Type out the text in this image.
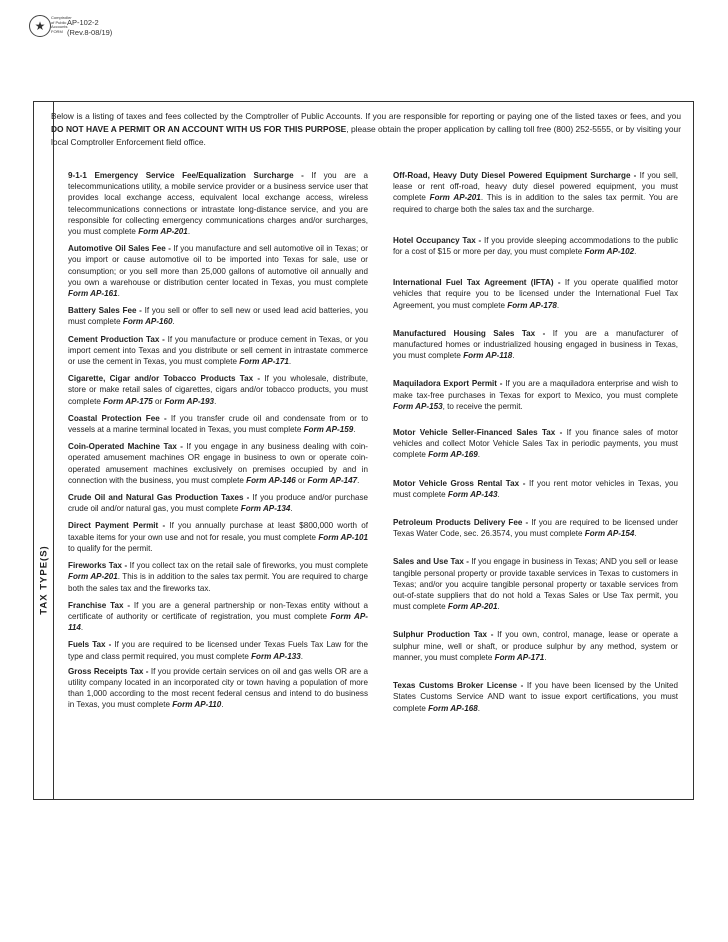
★
Comptroller
of Public
Accounts
FORM
AP-102-2
(Rev.8-08/19)
TAX TYPE(S)
Below is a listing of taxes and fees collected by the Comptroller of Public Accounts. If you are responsible for reporting or paying one of the listed taxes or fees, and you DO NOT HAVE A PERMIT OR AN ACCOUNT WITH US FOR THIS PURPOSE, please obtain the proper application by calling toll free (800) 252-5555, or by visiting your local Comptroller Enforcement field office.

9-1-1 Emergency Service Fee/Equalization Surcharge - If you are a telecommunications utility, a mobile service provider or a business service user that provides local exchange access, equivalent local exchange access, wireless telecommunications connections or intrastate long-distance service, and you are responsible for collecting emergency communications charges and/or surcharges, you must complete Form AP-201.

Automotive Oil Sales Fee - If you manufacture and sell automotive oil in Texas; or you import or cause automotive oil to be imported into Texas for sale, use or consumption; or you sell more than 25,000 gallons of automotive oil annually and you own a warehouse or distribution center located in Texas, you must complete Form AP-161.

Battery Sales Fee - If you sell or offer to sell new or used lead acid batteries, you must complete Form AP-160.

Cement Production Tax - If you manufacture or produce cement in Texas, or you import cement into Texas and you distribute or sell cement in intrastate commerce or use the cement in Texas, you must complete Form AP-171.

Cigarette, Cigar and/or Tobacco Products Tax - If you wholesale, distribute, store or make retail sales of cigarettes, cigars and/or tobacco products, you must complete Form AP-175 or Form AP-193.

Coastal Protection Fee - If you transfer crude oil and condensate from or to vessels at a marine terminal located in Texas, you must complete Form AP-159.

Coin-Operated Machine Tax - If you engage in any business dealing with coin-operated amusement machines OR engage in business to own or operate coin-operated amusement machines exclusively on premises occupied by and in connection with the business, you must complete Form AP-146 or Form AP-147.

Crude Oil and Natural Gas Production Taxes - If you produce and/or purchase crude oil and/or natural gas, you must complete Form AP-134.

Direct Payment Permit - If you annually purchase at least $800,000 worth of taxable items for your own use and not for resale, you must complete Form AP-101 to qualify for the permit.

Fireworks Tax - If you collect tax on the retail sale of fireworks, you must complete Form AP-201. This is in addition to the sales tax permit. You are required to charge both the sales tax and the fireworks tax.

Franchise Tax - If you are a general partnership or non-Texas entity without a certificate of authority or certificate of registration, you must complete Form AP-114.

Fuels Tax - If you are required to be licensed under Texas Fuels Tax Law for the type and class permit required, you must complete Form AP-133.

Gross Receipts Tax - If you provide certain services on oil and gas wells OR are a utility company located in an incorporated city or town having a population of more than 1,000 according to the most recent federal census and intend to do business in Texas, you must complete Form AP-110.

Off-Road, Heavy Duty Diesel Powered Equipment Surcharge - If you sell, lease or rent off-road, heavy duty diesel powered equipment, you must complete Form AP-201. This is in addition to the sales tax permit. You are required to charge both the sales tax and the surcharge.

Hotel Occupancy Tax - If you provide sleeping accommodations to the public for a cost of $15 or more per day, you must complete Form AP-102.

International Fuel Tax Agreement (IFTA) - If you operate qualified motor vehicles that require you to be licensed under the International Fuel Tax Agreement, you must complete Form AP-178.

Manufactured Housing Sales Tax - If you are a manufacturer of manufactured homes or industrialized housing engaged in business in Texas, you must complete Form AP-118.

Maquiladora Export Permit - If you are a maquiladora enterprise and wish to make tax-free purchases in Texas for export to Mexico, you must complete Form AP-153, to receive the permit.

Motor Vehicle Seller-Financed Sales Tax - If you finance sales of motor vehicles and collect Motor Vehicle Sales Tax in periodic payments, you must complete Form AP-169.

Motor Vehicle Gross Rental Tax - If you rent motor vehicles in Texas, you must complete Form AP-143.

Petroleum Products Delivery Fee - If you are required to be licensed under Texas Water Code, sec. 26.3574, you must complete Form AP-154.

Sales and Use Tax - If you engage in business in Texas; AND you sell or lease tangible personal property or provide taxable services in Texas to customers in Texas; and/or you acquire tangible personal property or taxable services from out-of-state suppliers that do not hold a Texas Sales or Use Tax permit, you must complete Form AP-201.

Sulphur Production Tax - If you own, control, manage, lease or operate a sulphur mine, well or shaft, or produce sulphur by any method, system or manner, you must complete Form AP-171.

Texas Customs Broker License - If you have been licensed by the United States Customs Service AND want to issue export certifications, you must complete Form AP-168.
